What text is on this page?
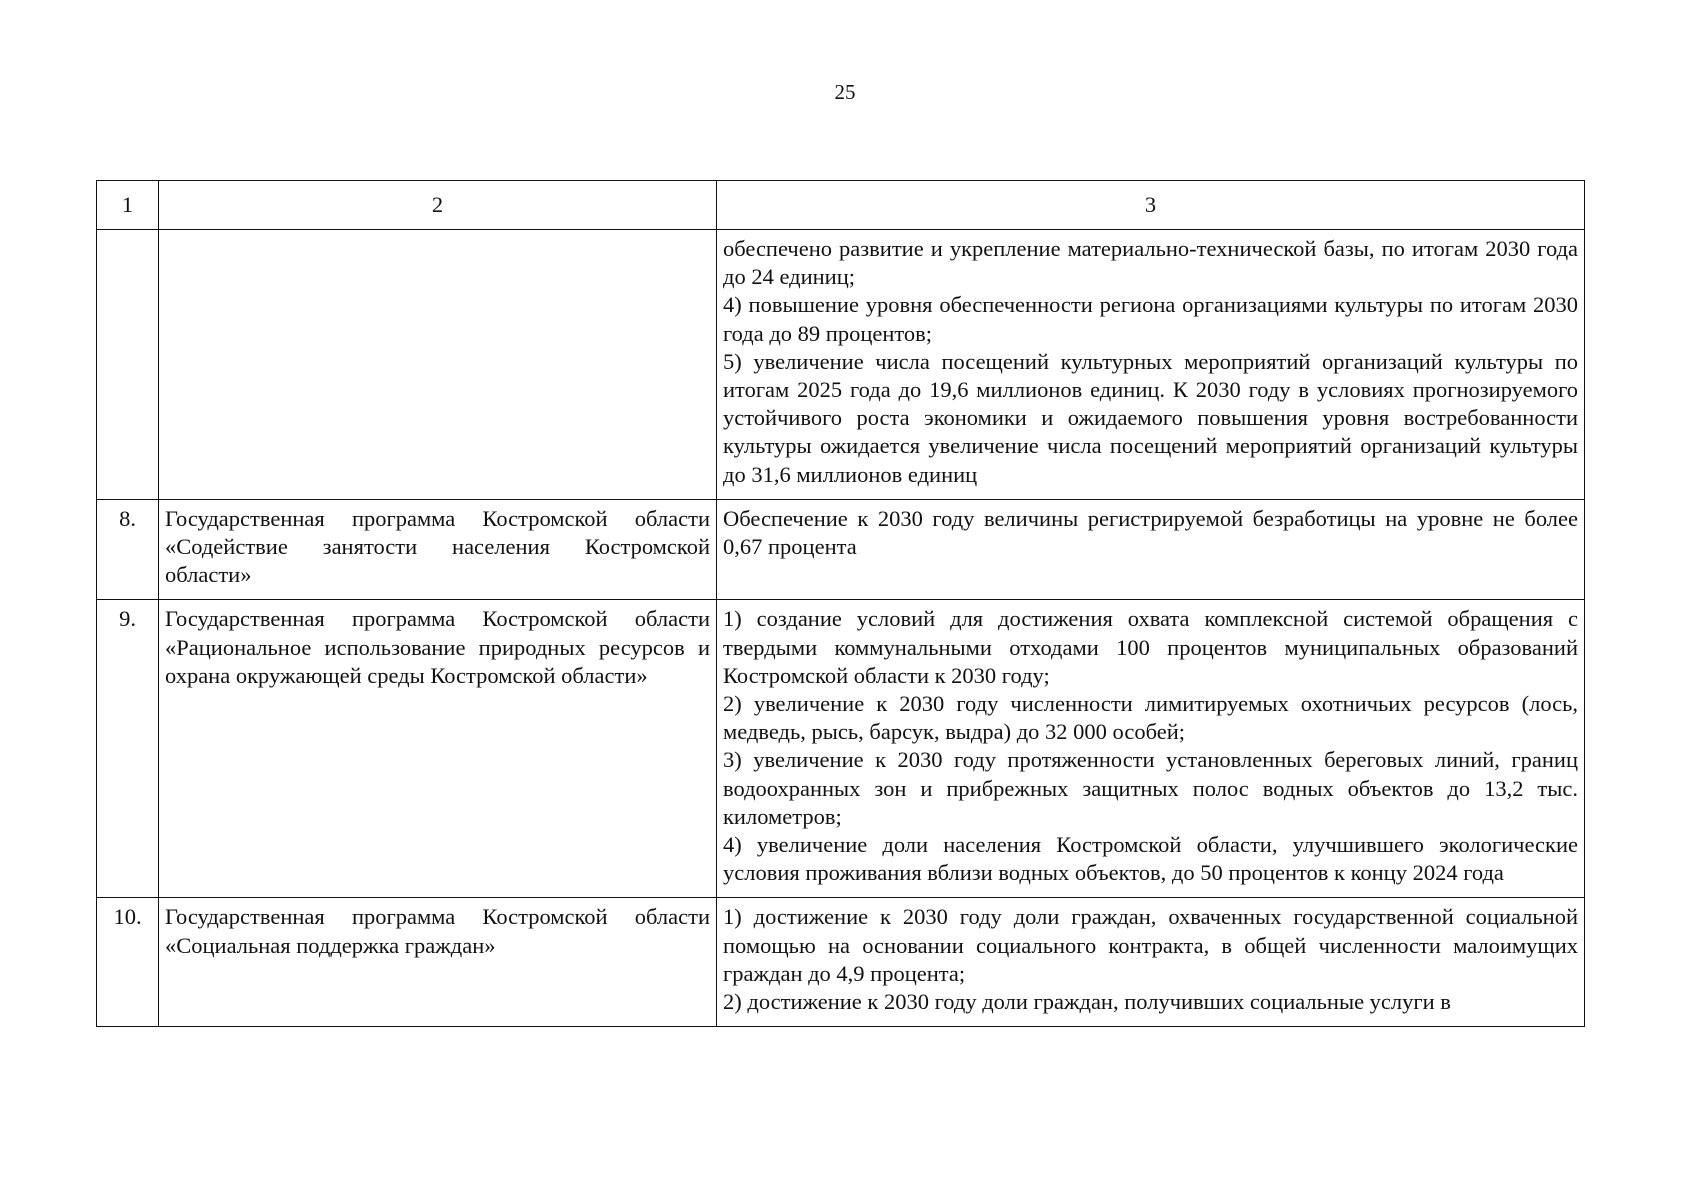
25
1	2	3

		обеспечено развитие и укрепление материально-технической базы, по итогам 2030 года до 24 единиц;

4) повышение уровня обеспеченности региона организациями культуры по итогам 2030 года до 89 процентов;

5) увеличение числа посещений культурных мероприятий организаций культуры по итогам 2025 года до 19,6 миллионов единиц. К 2030 году в условиях прогнозируемого устойчивого роста экономики и ожидаемого повышения уровня востребованности культуры ожидается увеличение числа посещений мероприятий организаций культуры до 31,6 миллионов единиц

8.	Государственная программа Костромской области «Содействие занятости населения Костромской области»	Обеспечение к 2030 году величины регистрируемой безработицы на уровне не более 0,67 процента

9.	Государственная программа Костромской области «Рациональное использование природных ресурсов и охрана окружающей среды Костромской области»	1) создание условий для достижения охвата комплексной системой обращения с твердыми коммунальными отходами 100 процентов муниципальных образований Костромской области к 2030 году;

2) увеличение к 2030 году численности лимитируемых охотничьих ресурсов (лось, медведь, рысь, барсук, выдра) до 32 000 особей;

3) увеличение к 2030 году протяженности установленных береговых линий, границ водоохранных зон и прибрежных защитных полос водных объектов до 13,2 тыс. километров;

4) увеличение доли населения Костромской области, улучшившего экологические условия проживания вблизи водных объектов, до 50 процентов к концу 2024 года

10.	Государственная программа Костромской области «Социальная поддержка граждан»	1) достижение к 2030 году доли граждан, охваченных государственной социальной помощью на основании социального контракта, в общей численности малоимущих граждан до 4,9 процента;

2) достижение к 2030 году доли граждан, получивших социальные услуги в
